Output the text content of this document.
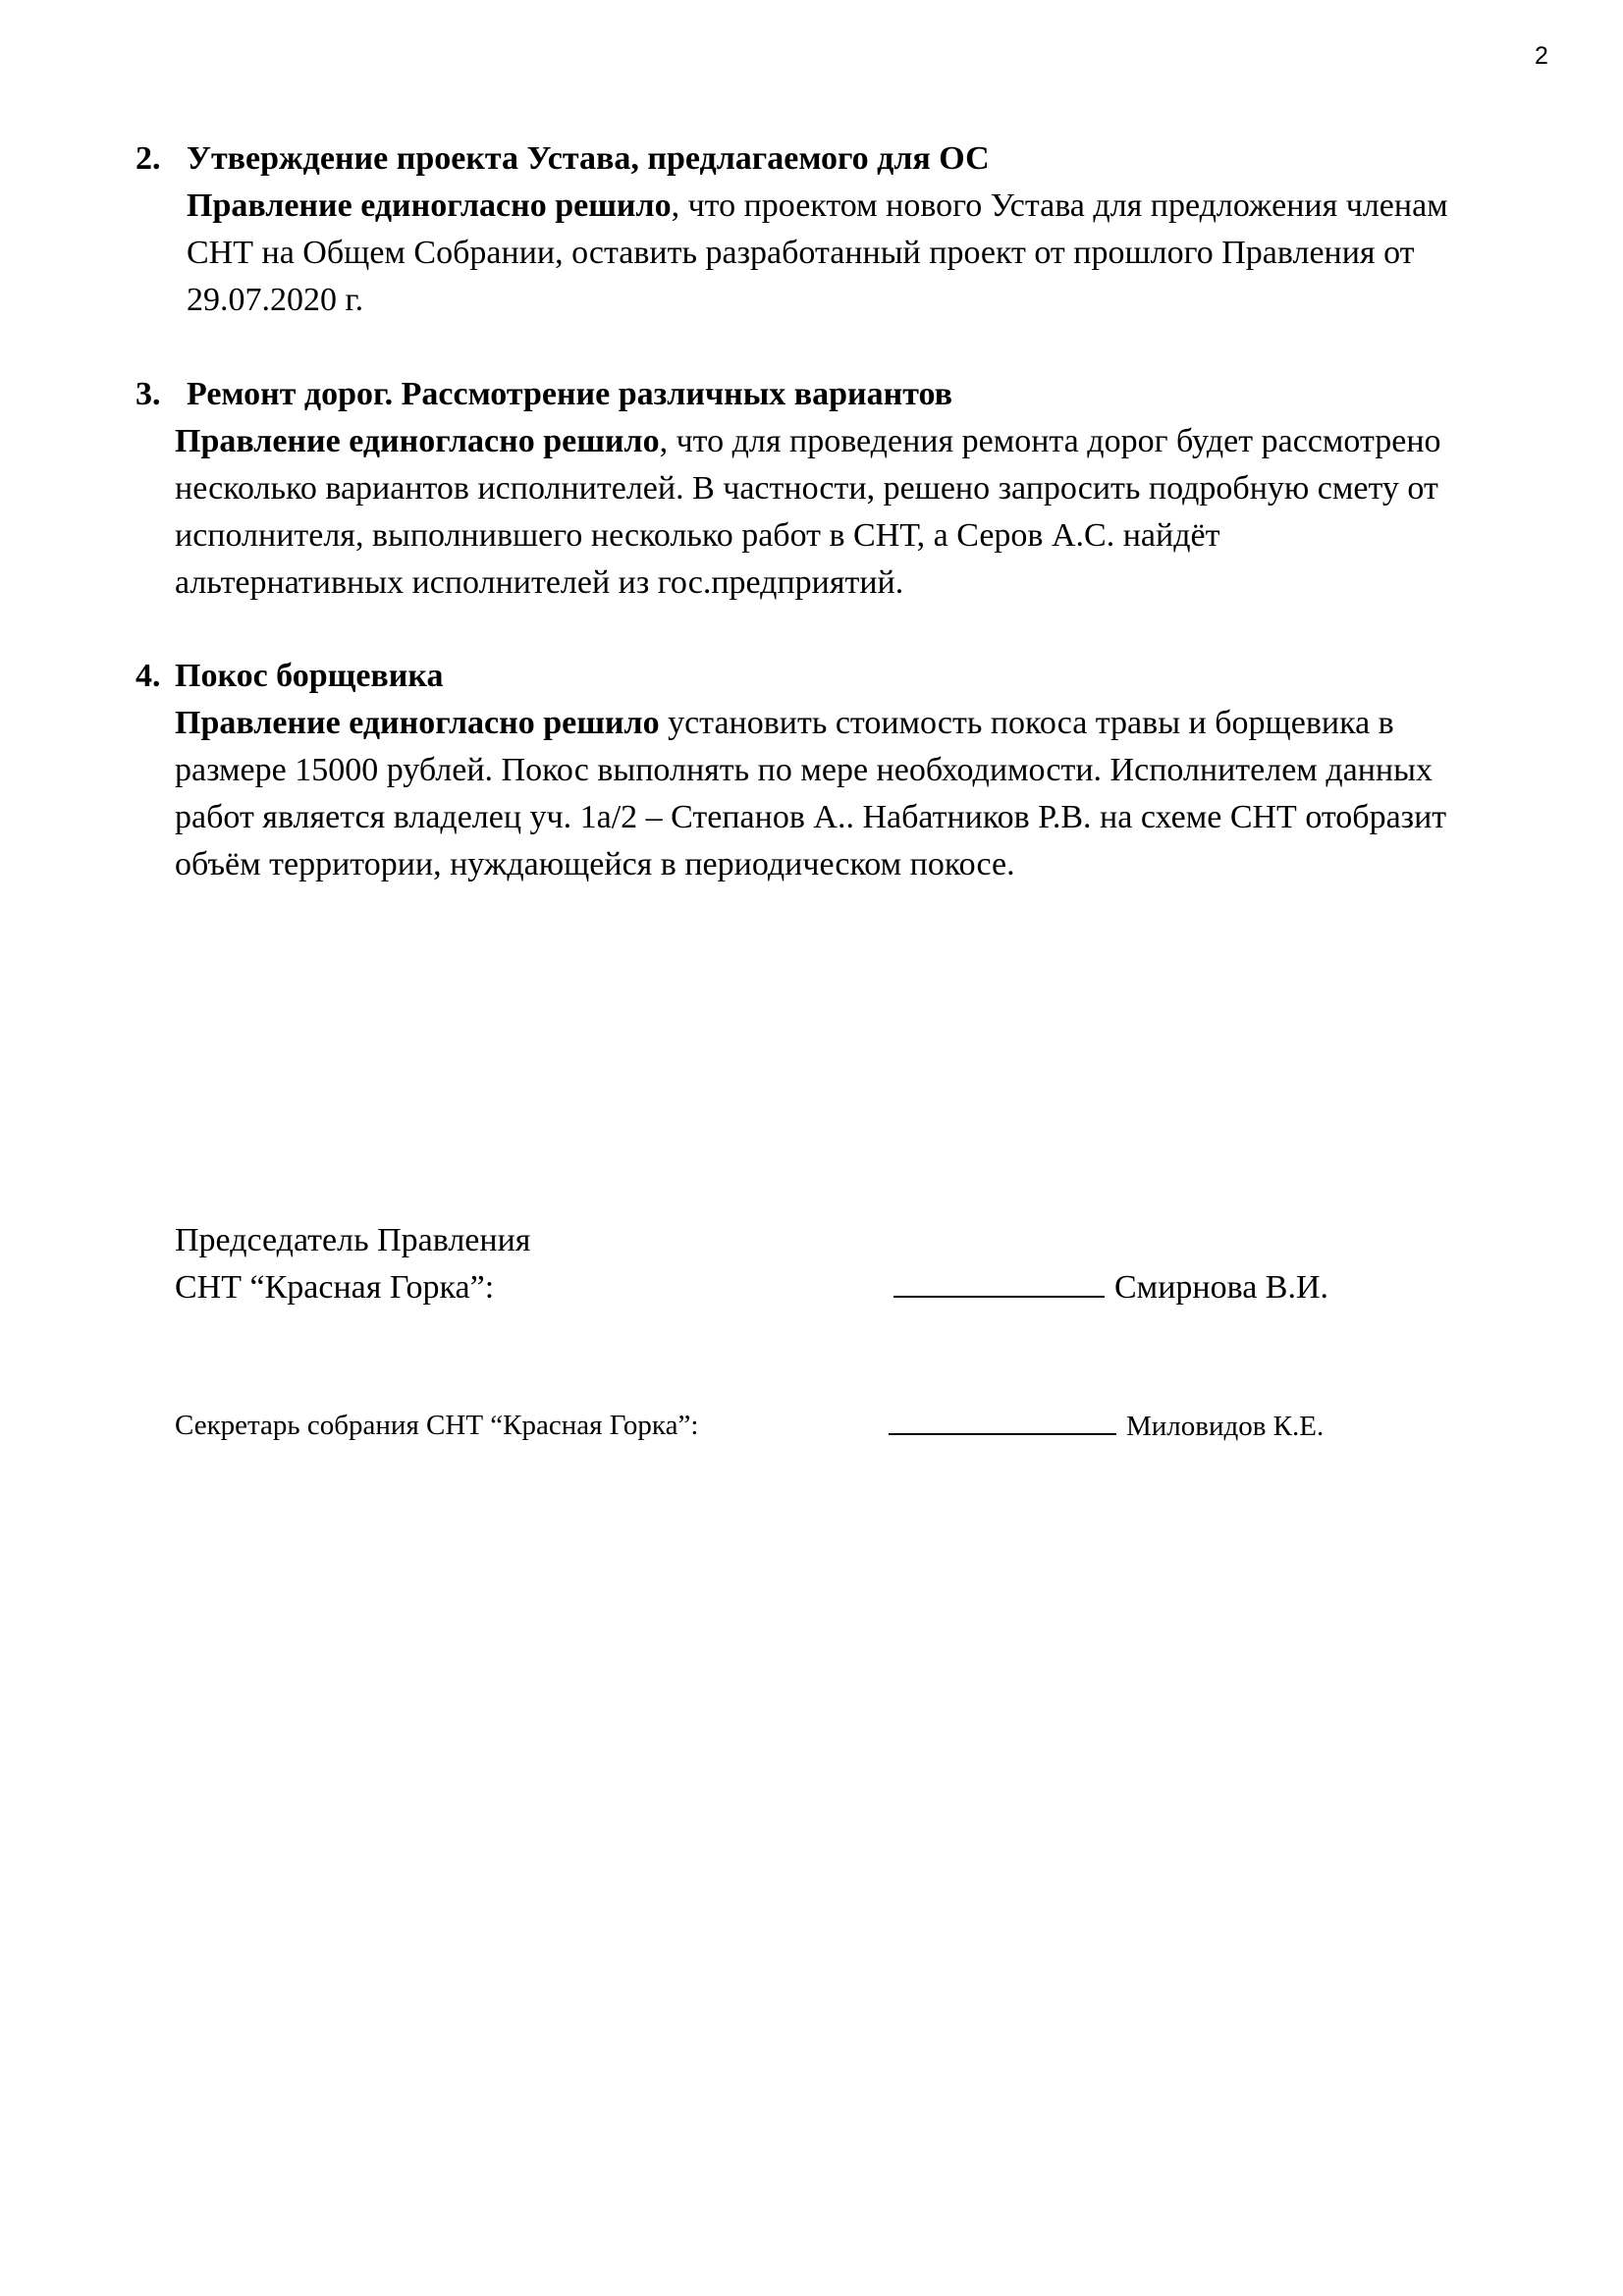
2
2. Утверждение проекта Устава, предлагаемого для ОС
Правление единогласно решило, что проектом нового Устава для предложения членам
СНТ на Общем Собрании, оставить разработанный проект от прошлого Правления от
29.07.2020 г.
3. Ремонт дорог. Рассмотрение различных вариантов
Правление единогласно решило, что для проведения ремонта дорог будет рассмотрено
несколько вариантов исполнителей. В частности, решено запросить подробную смету от
исполнителя, выполнившего несколько работ в СНТ, а Серов А.С. найдёт
альтернативных исполнителей из гос.предприятий.
4. Покос борщевика
Правление единогласно решило установить стоимость покоса травы и борщевика в
размере 15000 рублей. Покос выполнять по мере необходимости. Исполнителем данных
работ является владелец уч. 1а/2 – Степанов А.. Набатников Р.В. на схеме СНТ отобразит
объём территории, нуждающейся в периодическом покосе.
Председатель Правления
СНТ “Красная Горка”:	Смирнова В.И.
Секретарь собрания СНТ “Красная Горка”:	Миловидов К.Е.
